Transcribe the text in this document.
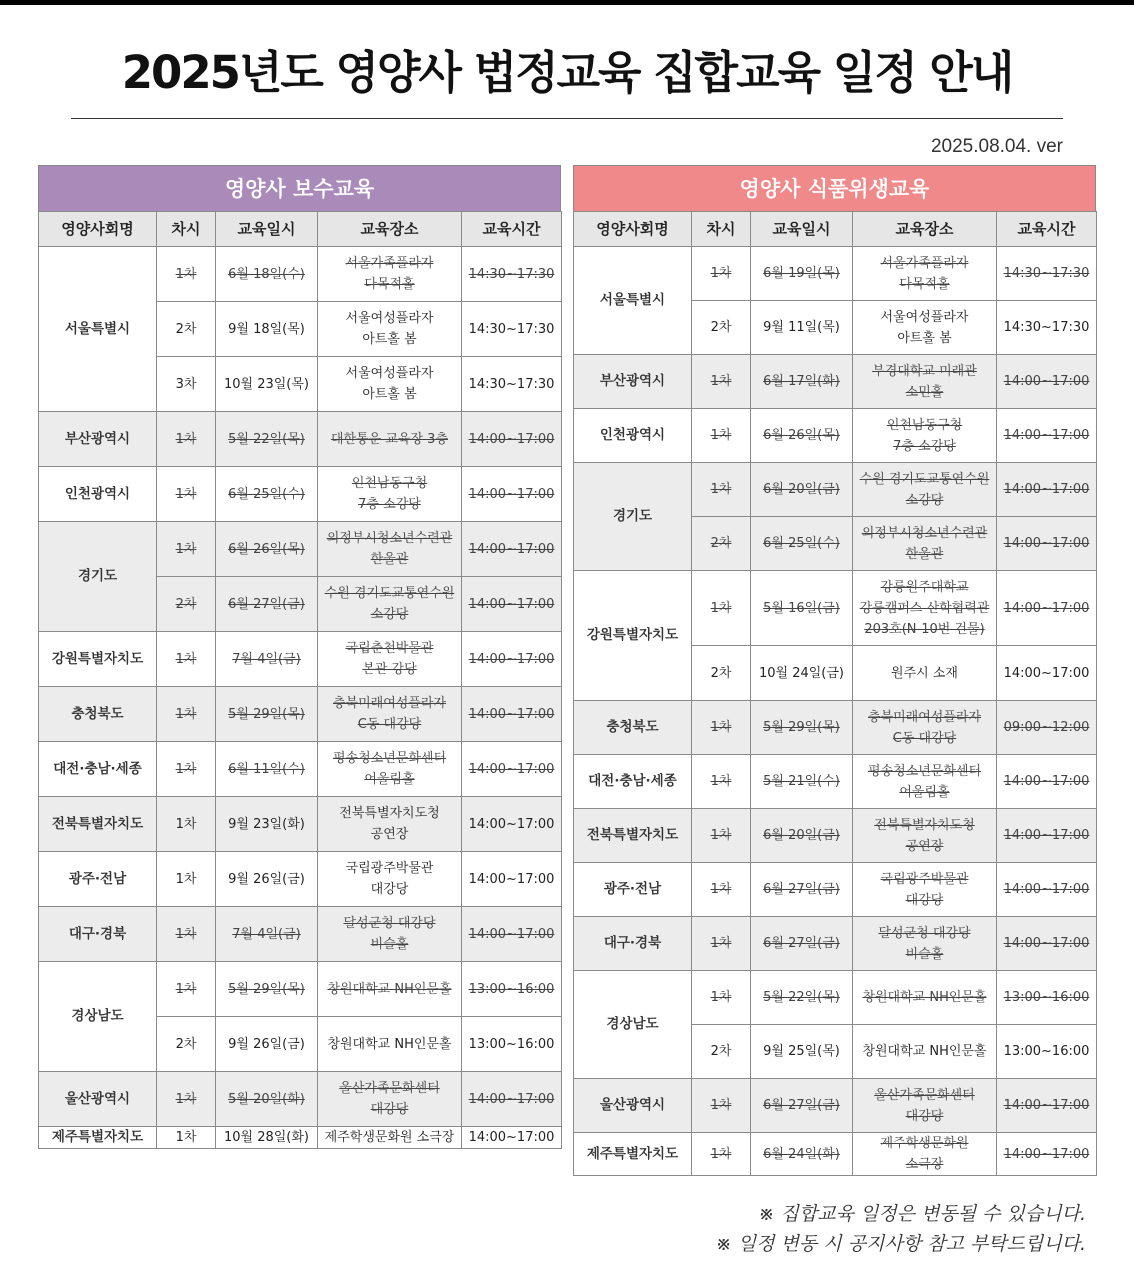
2025년도 영양사 법정교육 집합교육 일정 안내
2025.08.04. ver
영양사 보수교육
영양사회명	차시	교육일시	교육장소	교육시간
서울특별시	1차	6월 18일(수)	서울가족플라자
다목적홀	14:30~17:30
	2차	9월 18일(목)	서울여성플라자
아트홀 봄	14:30~17:30
	3차	10월 23일(목)	서울여성플라자
아트홀 봄	14:30~17:30
부산광역시	1차	5월 22일(목)	대한통운 교육장 3층	14:00~17:00
인천광역시	1차	6월 25일(수)	인천남동구청
7층 소강당	14:00~17:00
경기도	1차	6월 26일(목)	의정부시청소년수련관
한울관	14:00~17:00
	2차	6월 27일(금)	수원 경기도교통연수원
소강당	14:00~17:00
강원특별자치도	1차	7월 4일(금)	국립춘천박물관
본관 강당	14:00~17:00
충청북도	1차	5월 29일(목)	충북미래여성플라자
C동 대강당	14:00~17:00
대전·충남·세종	1차	6월 11일(수)	평송청소년문화센터
어울림홀	14:00~17:00
전북특별자치도	1차	9월 23일(화)	전북특별자치도청
공연장	14:00~17:00
광주·전남	1차	9월 26일(금)	국립광주박물관
대강당	14:00~17:00
대구·경북	1차	7월 4일(금)	달성군청 대강당
비슬홀	14:00~17:00
경상남도	1차	5월 29일(목)	창원대학교 NH인문홀	13:00~16:00
	2차	9월 26일(금)	창원대학교 NH인문홀	13:00~16:00
울산광역시	1차	5월 20일(화)	울산가족문화센터
대강당	14:00~17:00
제주특별자치도	1차	10월 28일(화)	제주학생문화원 소극장	14:00~17:00
영양사 식품위생교육
영양사회명	차시	교육일시	교육장소	교육시간
서울특별시	1차	6월 19일(목)	서울가족플라자
다목적홀	14:30~17:30
	2차	9월 11일(목)	서울여성플라자
아트홀 봄	14:30~17:30
부산광역시	1차	6월 17일(화)	부경대학교 미래관
소민홀	14:00~17:00
인천광역시	1차	6월 26일(목)	인천남동구청
7층 소강당	14:00~17:00
경기도	1차	6월 20일(금)	수원 경기도교통연수원
소강당	14:00~17:00
	2차	6월 25일(수)	의정부시청소년수련관
한울관	14:00~17:00
강원특별자치도	1차	5월 16일(금)	강릉원주대학교
강릉캠퍼스 산학협력관
203호(N-10번 건물)	14:00~17:00
	2차	10월 24일(금)	원주시 소재	14:00~17:00
충청북도	1차	5월 29일(목)	충북미래여성플라자
C동 대강당	09:00~12:00
대전·충남·세종	1차	5월 21일(수)	평송청소년문화센터
어울림홀	14:00~17:00
전북특별자치도	1차	6월 20일(금)	전북특별자치도청
공연장	14:00~17:00
광주·전남	1차	6월 27일(금)	국립광주박물관
대강당	14:00~17:00
대구·경북	1차	6월 27일(금)	달성군청 대강당
비슬홀	14:00~17:00
경상남도	1차	5월 22일(목)	창원대학교 NH인문홀	13:00~16:00
	2차	9월 25일(목)	창원대학교 NH인문홀	13:00~16:00
울산광역시	1차	6월 27일(금)	울산가족문화센터
대강당	14:00~17:00
제주특별자치도	1차	6월 24일(화)	제주학생문화원
소극장	14:00~17:00
※ 집합교육 일정은 변동될 수 있습니다.
※ 일정 변동 시 공지사항 참고 부탁드립니다.
